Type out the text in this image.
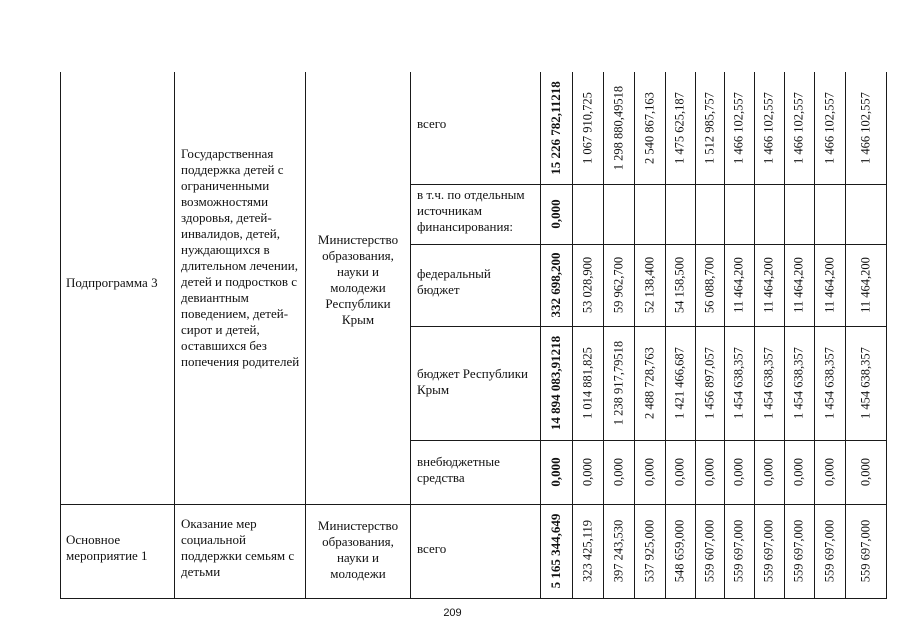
Подпрограмма 3
Государственная поддержка детей с ограниченными возможностями здоровья, детей-инвалидов, детей, нуждающихся в длительном лечении, детей и подростков с девиантным поведением, детей-сирот и детей, оставшихся без попечения родителей
Министерство образования, науки и молодежи Республики Крым
всего
в т.ч. по отдельным источникам финансирования:
федеральный бюджет
бюджет Республики Крым
внебюджетные средства
Основное мероприятие 1
Оказание мер социальной поддержки семьям с детьми
Министерство образования, науки и молодежи
всего
15 226 782,11218 1 067 910,725 1 298 880,49518 2 540 867,163 1 475 625,187 1 512 985,757 1 466 102,557 1 466 102,557 1 466 102,557 1 466 102,557 1 466 102,557
0,000
332 698,200 53 028,900 59 962,700 52 138,400 54 158,500 56 088,700 11 464,200 11 464,200 11 464,200 11 464,200 11 464,200
14 894 083,91218 1 014 881,825 1 238 917,79518 2 488 728,763 1 421 466,687 1 456 897,057 1 454 638,357 1 454 638,357 1 454 638,357 1 454 638,357 1 454 638,357
0,000 0,000 0,000 0,000 0,000 0,000 0,000 0,000 0,000 0,000 0,000
5 165 344,649 323 425,119 397 243,530 537 925,000 548 659,000 559 607,000 559 697,000 559 697,000 559 697,000 559 697,000 559 697,000
209
